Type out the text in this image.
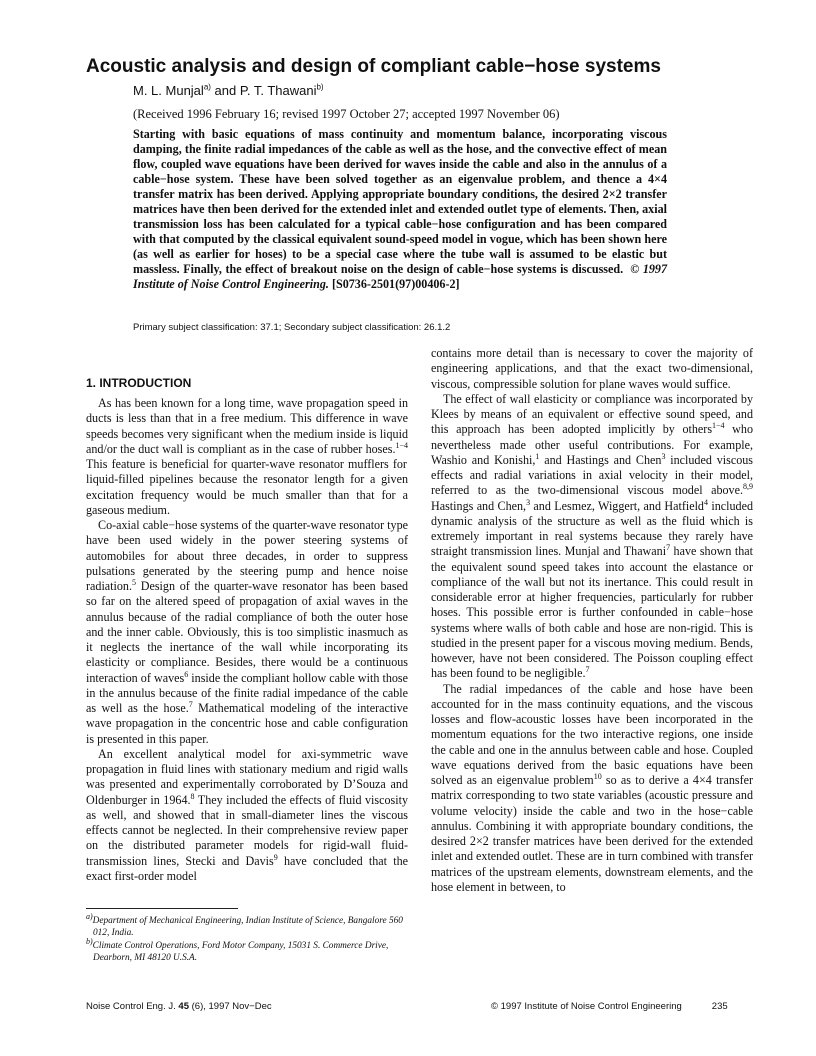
Acoustic analysis and design of compliant cable−hose systems
M. L. Munjal$^{a)}$ and P. T. Thawani$^{b)}$
(Received 1996 February 16; revised 1997 October 27; accepted 1997 November 06)

Starting with basic equations of mass continuity and momentum balance, incorporating viscous damping, the finite radial impedances of the cable as well as the hose, and the convective effect of mean flow, coupled wave equations have been derived for waves inside the cable and also in the annulus of a cable−hose system. These have been solved together as an eigenvalue problem, and thence a 4×4 transfer matrix has been derived. Applying appropriate boundary conditions, the desired 2×2 transfer matrices have then been derived for the extended inlet and extended outlet type of elements. Then, axial transmission loss has been calculated for a typical cable−hose configuration and has been compared with that computed by the classical equivalent sound-speed model in vogue, which has been shown here (as well as earlier for hoses) to be a special case where the tube wall is assumed to be elastic but massless. Finally, the effect of breakout noise on the design of cable−hose systems is discussed. © 1997 Institute of Noise Control Engineering. [S0736-2501(97)00406-2]

Primary subject classification: 37.1; Secondary subject classification: 26.1.2
1. INTRODUCTION

As has been known for a long time, wave propagation speed in ducts is less than that in a free medium. This difference in wave speeds becomes very significant when the medium inside is liquid and/or the duct wall is compliant as in the case of rubber hoses.$^{1-4}$ This feature is beneficial for quarter-wave resonator mufflers for liquid-filled pipelines because the resonator length for a given excitation frequency would be much smaller than that for a gaseous medium.

Co-axial cable−hose systems of the quarter-wave resonator type have been used widely in the power steering systems of automobiles for about three decades, in order to suppress pulsations generated by the steering pump and hence noise radiation.$^5$ Design of the quarter-wave resonator has been based so far on the altered speed of propagation of axial waves in the annulus because of the radial compliance of both the outer hose and the inner cable. Obviously, this is too simplistic inasmuch as it neglects the inertance of the wall while incorporating its elasticity or compliance. Besides, there would be a continuous interaction of waves$^6$ inside the compliant hollow cable with those in the annulus because of the finite radial impedance of the cable as well as the hose.$^7$ Mathematical modeling of the interactive wave propagation in the concentric hose and cable configuration is presented in this paper.

An excellent analytical model for axi-symmetric wave propagation in fluid lines with stationary medium and rigid walls was presented and experimentally corroborated by D’Souza and Oldenburger in 1964.$^8$ They included the effects of fluid viscosity as well, and showed that in small-diameter lines the viscous effects cannot be neglected. In their comprehensive review paper on the distributed parameter models for rigid-wall fluid-transmission lines, Stecki and Davis$^9$ have concluded that the exact first-order model

contains more detail than is necessary to cover the majority of engineering applications, and that the exact two-dimensional, viscous, compressible solution for plane waves would suffice.

The effect of wall elasticity or compliance was incorporated by Klees by means of an equivalent or effective sound speed, and this approach has been adopted implicitly by others$^{1-4}$ who nevertheless made other useful contributions. For example, Washio and Konishi,$^1$ and Hastings and Chen$^3$ included viscous effects and radial variations in axial velocity in their model, referred to as the two-dimensional viscous model above.$^{8,9}$ Hastings and Chen,$^3$ and Lesmez, Wiggert, and Hatfield$^4$ included dynamic analysis of the structure as well as the fluid which is extremely important in real systems because they rarely have straight transmission lines. Munjal and Thawani$^7$ have shown that the equivalent sound speed takes into account the elastance or compliance of the wall but not its inertance. This could result in considerable error at higher frequencies, particularly for rubber hoses. This possible error is further confounded in cable−hose systems where walls of both cable and hose are non-rigid. This is studied in the present paper for a viscous moving medium. Bends, however, have not been considered. The Poisson coupling effect has been found to be negligible.$^7$

The radial impedances of the cable and hose have been accounted for in the mass continuity equations, and the viscous losses and flow-acoustic losses have been incorporated in the momentum equations for the two interactive regions, one inside the cable and one in the annulus between cable and hose. Coupled wave equations derived from the basic equations have been solved as an eigenvalue problem$^{10}$ so as to derive a 4×4 transfer matrix corresponding to two state variables (acoustic pressure and volume velocity) inside the cable and two in the hose−cable annulus. Combining it with appropriate boundary conditions, the desired 2×2 transfer matrices have been derived for the extended inlet and extended outlet. These are in turn combined with transfer matrices of the upstream elements, downstream elements, and the hose element in between, to

$^{a)}$Department of Mechanical Engineering, Indian Institute of Science, Bangalore 560 012, India.

$^{b)}$Climate Control Operations, Ford Motor Company, 15031 S. Commerce Drive, Dearborn, MI 48120 U.S.A.

Noise Control Eng. J. 45 (6), 1997 Nov−Dec	© 1997 Institute of Noise Control Engineering	235
